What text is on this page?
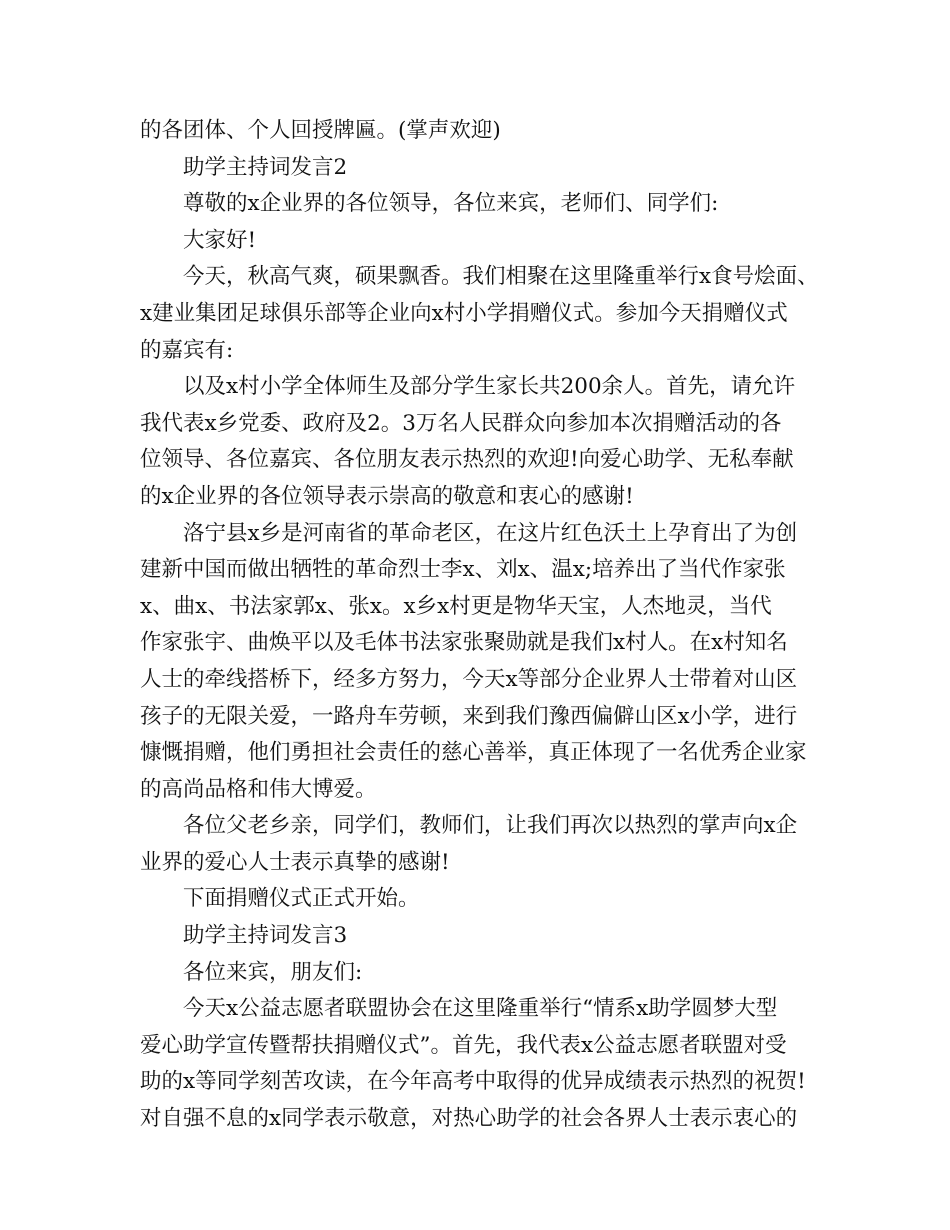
的各团体、个人回授牌匾。(掌声欢迎)
助学主持词发言2
尊敬的x企业界的各位领导，各位来宾，老师们、同学们:
大家好!
今天，秋高气爽，硕果飘香。我们相聚在这里隆重举行x食号烩面、
x建业集团足球俱乐部等企业向x村小学捐赠仪式。参加今天捐赠仪式
的嘉宾有:
以及x村小学全体师生及部分学生家长共200余人。首先，请允许
我代表x乡党委、政府及2。3万名人民群众向参加本次捐赠活动的各
位领导、各位嘉宾、各位朋友表示热烈的欢迎!向爱心助学、无私奉献
的x企业界的各位领导表示崇高的敬意和衷心的感谢!
洛宁县x乡是河南省的革命老区，在这片红色沃土上孕育出了为创
建新中国而做出牺牲的革命烈士李x、刘x、温x;培养出了当代作家张
x、曲x、书法家郭x、张x。x乡x村更是物华天宝，人杰地灵，当代
作家张宇、曲焕平以及毛体书法家张聚勋就是我们x村人。在x村知名
人士的牵线搭桥下，经多方努力，今天x等部分企业界人士带着对山区
孩子的无限关爱，一路舟车劳顿，来到我们豫西偏僻山区x小学，进行
慷慨捐赠，他们勇担社会责任的慈心善举，真正体现了一名优秀企业家
的高尚品格和伟大博爱。
各位父老乡亲，同学们，教师们，让我们再次以热烈的掌声向x企
业界的爱心人士表示真挚的感谢!
下面捐赠仪式正式开始。
助学主持词发言3
各位来宾，朋友们:
今天x公益志愿者联盟协会在这里隆重举行“情系x助学圆梦大型
爱心助学宣传暨帮扶捐赠仪式”。首先，我代表x公益志愿者联盟对受
助的x等同学刻苦攻读，在今年高考中取得的优异成绩表示热烈的祝贺!
对自强不息的x同学表示敬意，对热心助学的社会各界人士表示衷心的
